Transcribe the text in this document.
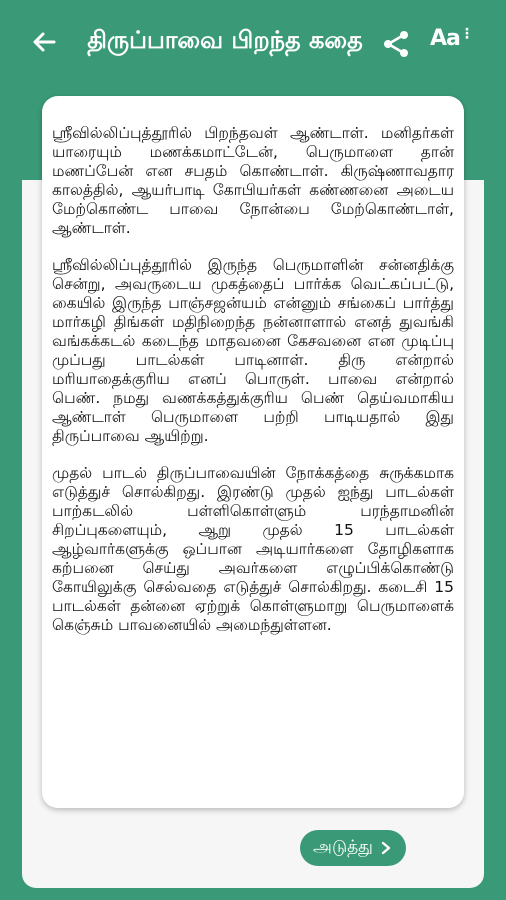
திருப்பாவை பிறந்த கதை	Aa⋮

ஸ்ரீவில்லிப்புத்தூரில் பிறந்தவள் ஆண்டாள். மனிதர்கள் யாரையும் மணக்கமாட்டேன், பெருமாளை தான் மணப்பேன் என சபதம் கொண்டாள். கிருஷ்ணாவதார காலத்தில், ஆயர்பாடி கோபியர்கள் கண்ணனை அடைய மேற்கொண்ட பாவை நோன்பை மேற்கொண்டாள், ஆண்டாள்.

ஸ்ரீவில்லிப்புத்தூரில் இருந்த பெருமாளின் சன்னதிக்கு சென்று, அவருடைய முகத்தைப் பார்க்க வெட்கப்பட்டு, கையில் இருந்த பாஞ்சஜன்யம் என்னும் சங்கைப் பார்த்து மார்கழி திங்கள் மதிநிறைந்த நன்னாளால் எனத் துவங்கி வங்கக்கடல் கடைந்த மாதவனை கேசவனை என முடிப்பு முப்பது பாடல்கள் பாடினாள். திரு என்றால் மரியாதைக்குரிய எனப் பொருள். பாவை என்றால் பெண். நமது வணக்கத்துக்குரிய பெண் தெய்வமாகிய ஆண்டாள் பெருமாளை பற்றி பாடியதால் இது திருப்பாவை ஆயிற்று.

முதல் பாடல் திருப்பாவையின் நோக்கத்தை சுருக்கமாக எடுத்துச் சொல்கிறது. இரண்டு முதல் ஐந்து பாடல்கள் பாற்கடலில் பள்ளிகொள்ளும் பரந்தாமனின் சிறப்புகளையும், ஆறு முதல் 15 பாடல்கள் ஆழ்வார்களுக்கு ஒப்பான அடியார்களை தோழிகளாக கற்பனை செய்து அவர்களை எழுப்பிக்கொண்டு கோயிலுக்கு செல்வதை எடுத்துச் சொல்கிறது. கடைசி 15 பாடல்கள் தன்னை ஏற்றுக் கொள்ளுமாறு பெருமாளைக் கெஞ்சும் பாவனையில் அமைந்துள்ளன.

அடுத்து
